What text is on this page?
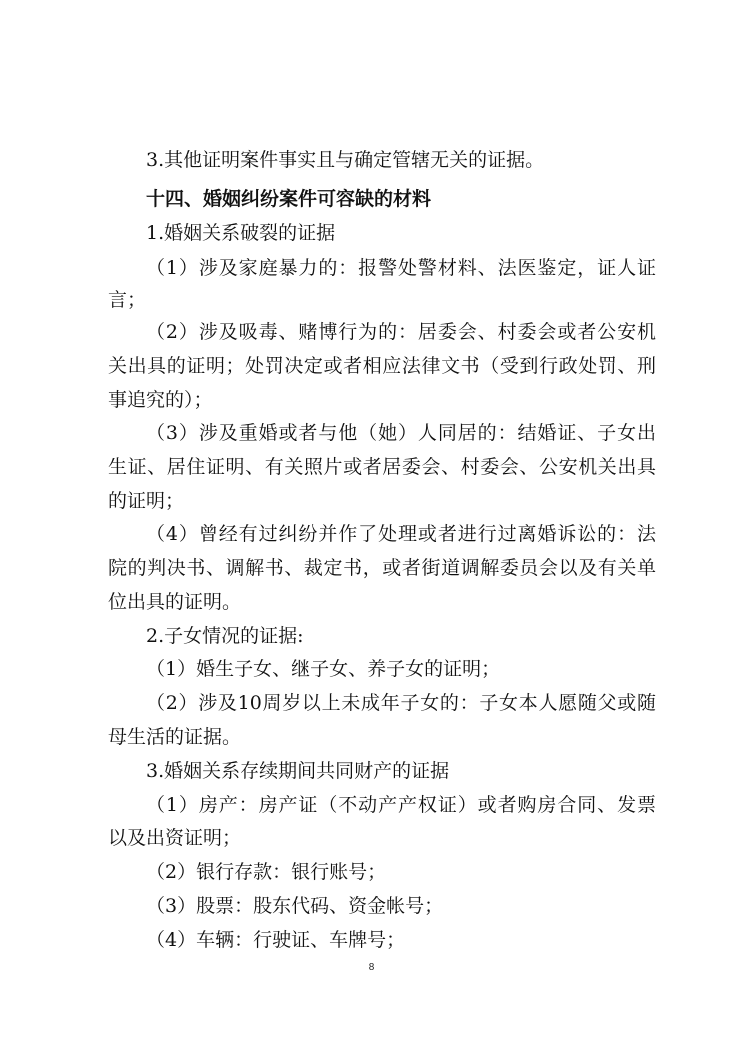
3.其他证明案件事实且与确定管辖无关的证据。
十四、婚姻纠纷案件可容缺的材料
1.婚姻关系破裂的证据
（1）涉及家庭暴力的：报警处警材料、法医鉴定，证人证
言；
（2）涉及吸毒、赌博行为的：居委会、村委会或者公安机
关出具的证明；处罚决定或者相应法律文书（受到行政处罚、刑
事追究的）；
（3）涉及重婚或者与他（她）人同居的：结婚证、子女出
生证、居住证明、有关照片或者居委会、村委会、公安机关出具
的证明；
（4）曾经有过纠纷并作了处理或者进行过离婚诉讼的：法
院的判决书、调解书、裁定书，或者街道调解委员会以及有关单
位出具的证明。
2.子女情况的证据:
（1）婚生子女、继子女、养子女的证明；
（2）涉及10周岁以上未成年子女的：子女本人愿随父或随
母生活的证据。
3.婚姻关系存续期间共同财产的证据
（1）房产：房产证（不动产产权证）或者购房合同、发票
以及出资证明；
（2）银行存款：银行账号；
（3）股票：股东代码、资金帐号；
（4）车辆：行驶证、车牌号；
8
